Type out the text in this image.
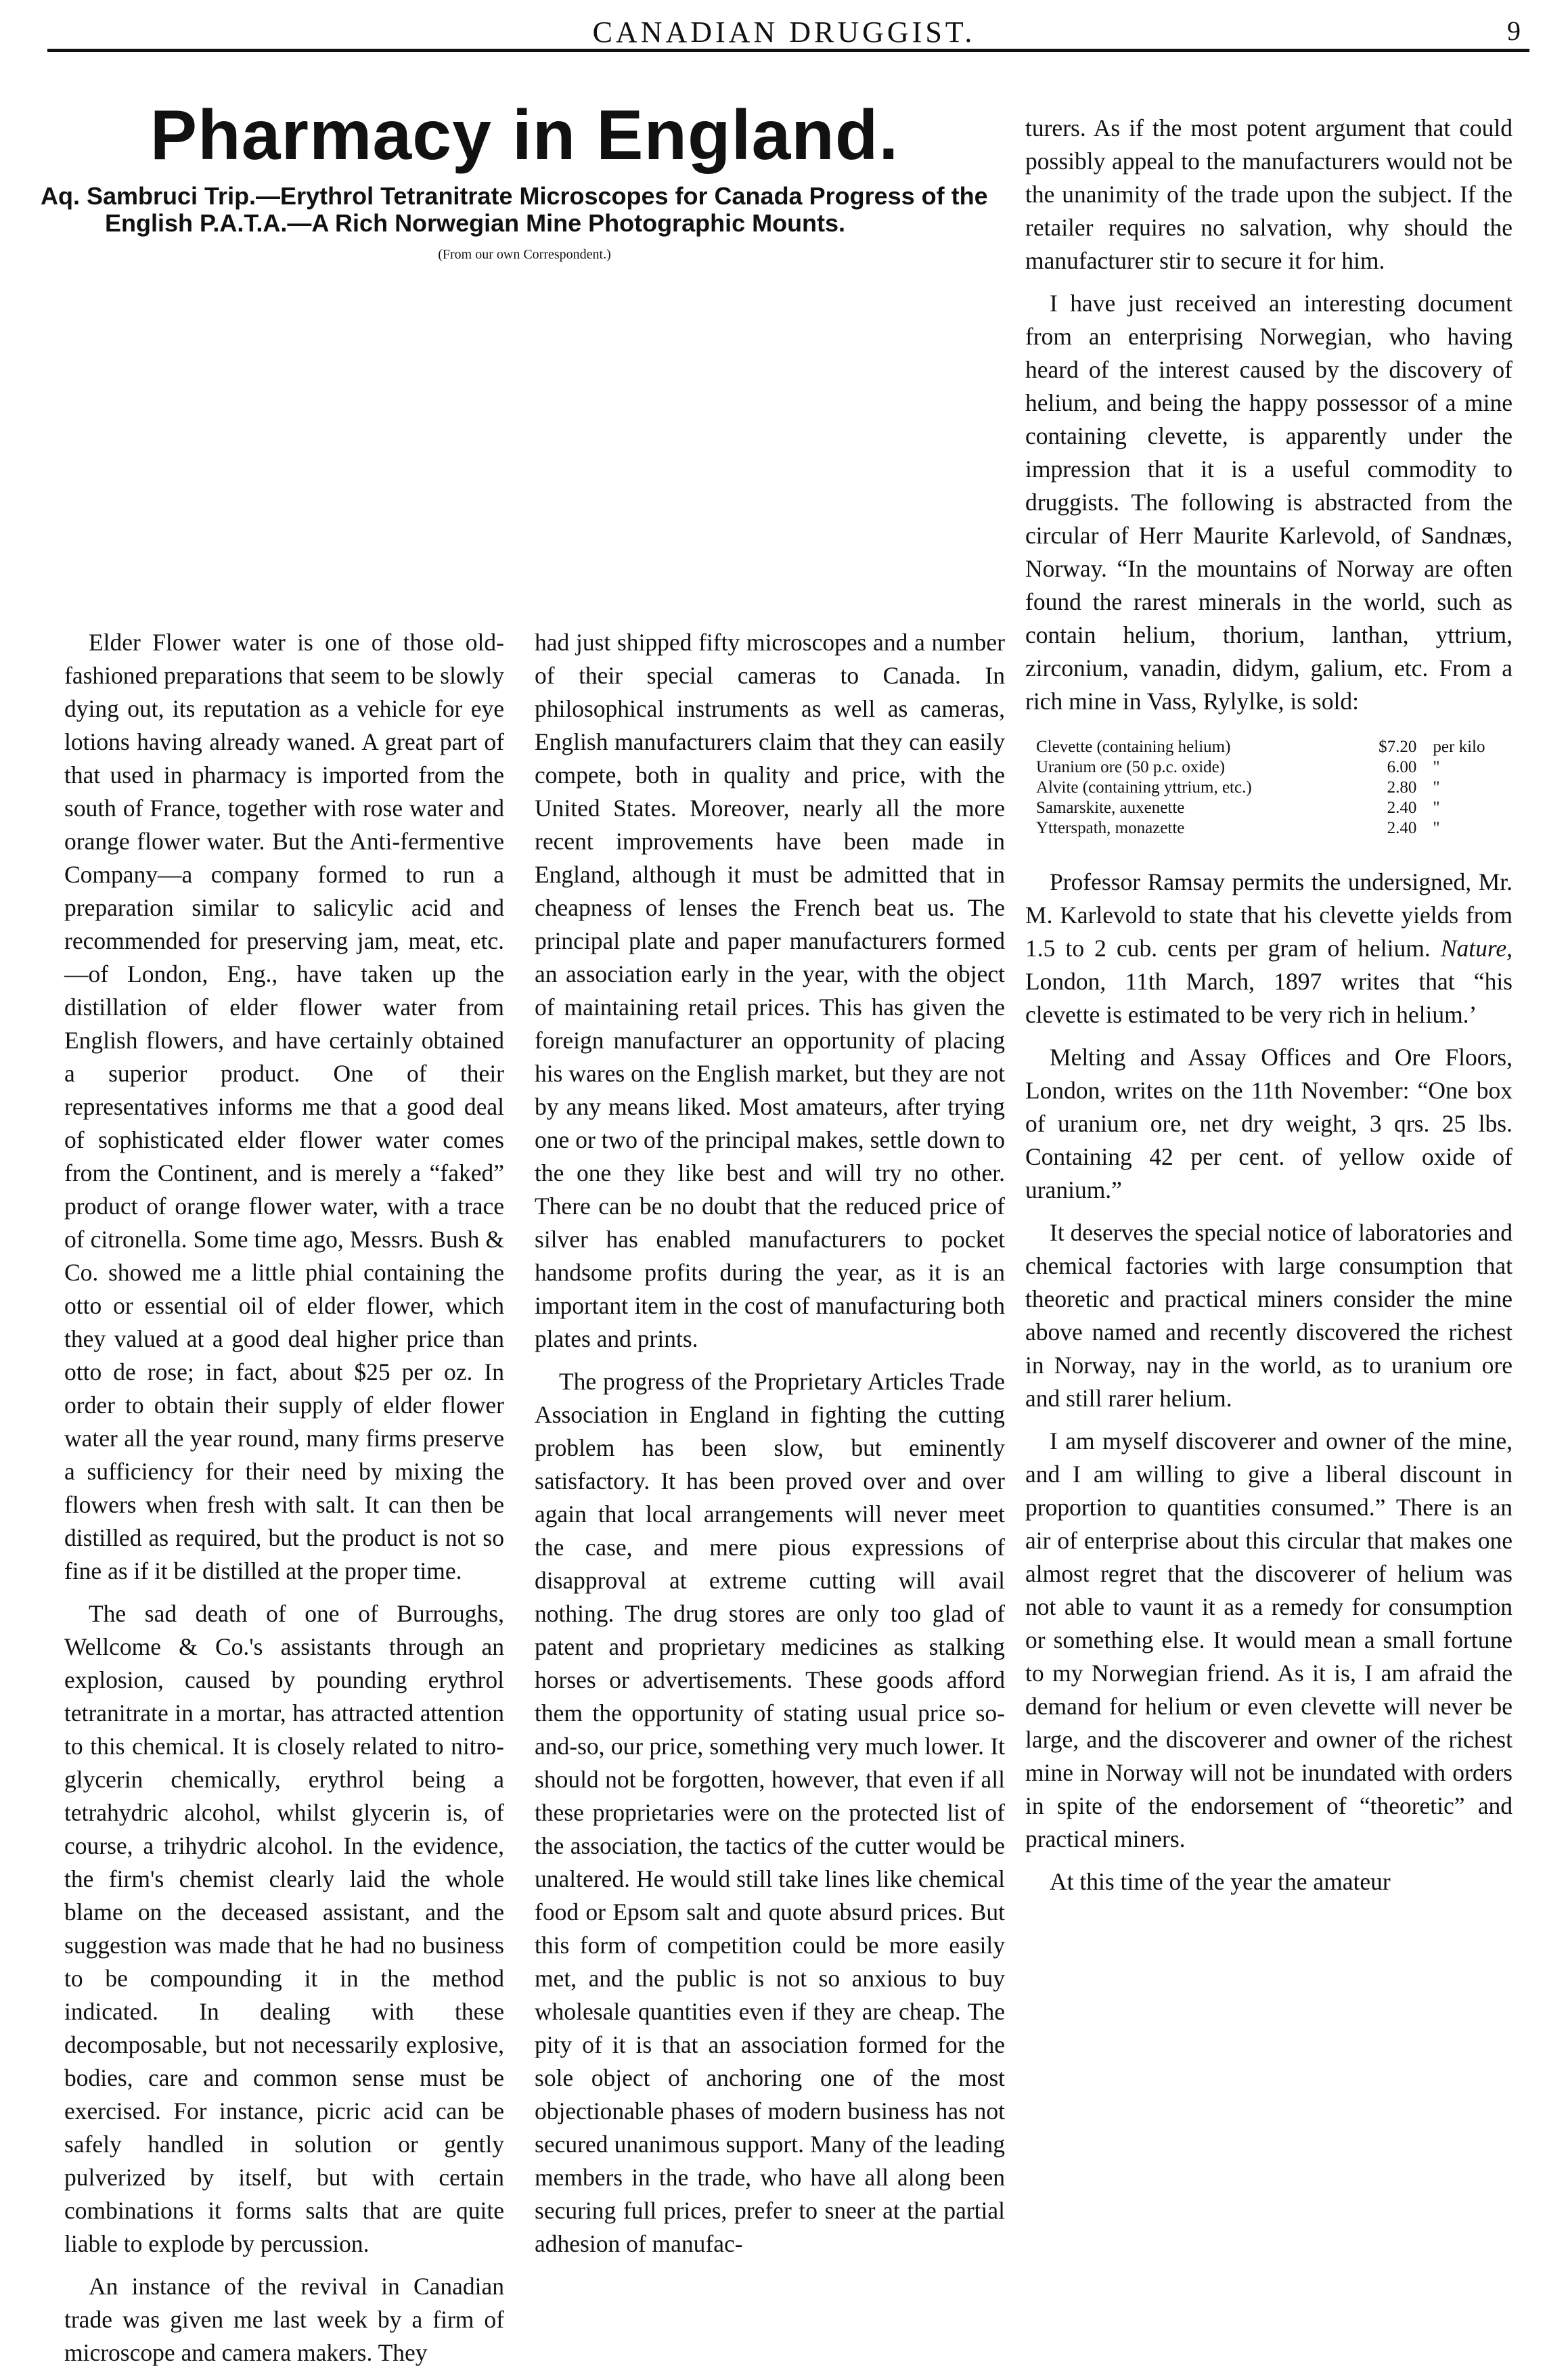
CANADIAN DRUGGIST.	9
Pharmacy in England.
Aq. Sambruci Trip.—Erythrol Tetranitrate Microscopes for Canada Progress of the English P.A.T.A.—A Rich Norwegian Mine Photographic Mounts.
(From our own Correspondent.)

Elder Flower water is one of those old-fashioned preparations that seem to be slowly dying out, its reputation as a vehicle for eye lotions having already waned. A great part of that used in pharmacy is imported from the south of France, together with rose water and orange flower water. But the Anti-fermentive Company—a company formed to run a preparation similar to salicylic acid and recommended for preserving jam, meat, etc.—of London, Eng., have taken up the distillation of elder flower water from English flowers, and have certainly obtained a superior product. One of their representatives informs me that a good deal of sophisticated elder flower water comes from the Continent, and is merely a “faked” product of orange flower water, with a trace of citronella. Some time ago, Messrs. Bush & Co. showed me a little phial containing the otto or essential oil of elder flower, which they valued at a good deal higher price than otto de rose; in fact, about $25 per oz. In order to obtain their supply of elder flower water all the year round, many firms preserve a sufficiency for their need by mixing the flowers when fresh with salt. It can then be distilled as required, but the product is not so fine as if it be distilled at the proper time.

The sad death of one of Burroughs, Wellcome & Co.'s assistants through an explosion, caused by pounding erythrol tetranitrate in a mortar, has attracted attention to this chemical. It is closely related to nitro-glycerin chemically, erythrol being a tetrahydric alcohol, whilst glycerin is, of course, a trihydric alcohol. In the evidence, the firm's chemist clearly laid the whole blame on the deceased assistant, and the suggestion was made that he had no business to be compounding it in the method indicated. In dealing with these decomposable, but not necessarily explosive, bodies, care and common sense must be exercised. For instance, picric acid can be safely handled in solution or gently pulverized by itself, but with certain combinations it forms salts that are quite liable to explode by percussion.

An instance of the revival in Canadian trade was given me last week by a firm of microscope and camera makers. They

had just shipped fifty microscopes and a number of their special cameras to Canada. In philosophical instruments as well as cameras, English manufacturers claim that they can easily compete, both in quality and price, with the United States. Moreover, nearly all the more recent improvements have been made in England, although it must be admitted that in cheapness of lenses the French beat us. The principal plate and paper manufacturers formed an association early in the year, with the object of maintaining retail prices. This has given the foreign manufacturer an opportunity of placing his wares on the English market, but they are not by any means liked. Most amateurs, after trying one or two of the principal makes, settle down to the one they like best and will try no other. There can be no doubt that the reduced price of silver has enabled manufacturers to pocket handsome profits during the year, as it is an important item in the cost of manufacturing both plates and prints.

The progress of the Proprietary Articles Trade Association in England in fighting the cutting problem has been slow, but eminently satisfactory. It has been proved over and over again that local arrangements will never meet the case, and mere pious expressions of disapproval at extreme cutting will avail nothing. The drug stores are only too glad of patent and proprietary medicines as stalking horses or advertisements. These goods afford them the opportunity of stating usual price so-and-so, our price, something very much lower. It should not be forgotten, however, that even if all these proprietaries were on the protected list of the association, the tactics of the cutter would be unaltered. He would still take lines like chemical food or Epsom salt and quote absurd prices. But this form of competition could be more easily met, and the public is not so anxious to buy wholesale quantities even if they are cheap. The pity of it is that an association formed for the sole object of anchoring one of the most objectionable phases of modern business has not secured unanimous support. Many of the leading members in the trade, who have all along been securing full prices, prefer to sneer at the partial adhesion of manufac-

turers. As if the most potent argument that could possibly appeal to the manufacturers would not be the unanimity of the trade upon the subject. If the retailer requires no salvation, why should the manufacturer stir to secure it for him.

I have just received an interesting document from an enterprising Norwegian, who having heard of the interest caused by the discovery of helium, and being the happy possessor of a mine containing clevette, is apparently under the impression that it is a useful commodity to druggists. The following is abstracted from the circular of Herr Maurite Karlevold, of Sandnæs, Norway. “In the mountains of Norway are often found the rarest minerals in the world, such as contain helium, thorium, lanthan, yttrium, zirconium, vanadin, didym, galium, etc. From a rich mine in Vass, Rylylke, is sold:

Clevette (containing helium)	$7.20	per kilo
Uranium ore (50 p.c. oxide)	6.00	"
Alvite (containing yttrium, etc.)	2.80	"
Samarskite, auxenette	2.40	"
Ytterspath, monazette	2.40	"

Professor Ramsay permits the undersigned, Mr. M. Karlevold to state that his clevette yields from 1.5 to 2 cub. cents per gram of helium. Nature, London, 11th March, 1897 writes that “his clevette is estimated to be very rich in helium.’

Melting and Assay Offices and Ore Floors, London, writes on the 11th November: “One box of uranium ore, net dry weight, 3 qrs. 25 lbs. Containing 42 per cent. of yellow oxide of uranium.”

It deserves the special notice of laboratories and chemical factories with large consumption that theoretic and practical miners consider the mine above named and recently discovered the richest in Norway, nay in the world, as to uranium ore and still rarer helium.

I am myself discoverer and owner of the mine, and I am willing to give a liberal discount in proportion to quantities consumed.” There is an air of enterprise about this circular that makes one almost regret that the discoverer of helium was not able to vaunt it as a remedy for consumption or something else. It would mean a small fortune to my Norwegian friend. As it is, I am afraid the demand for helium or even clevette will never be large, and the discoverer and owner of the richest mine in Norway will not be inundated with orders in spite of the endorsement of “theoretic” and practical miners.

At this time of the year the amateur
